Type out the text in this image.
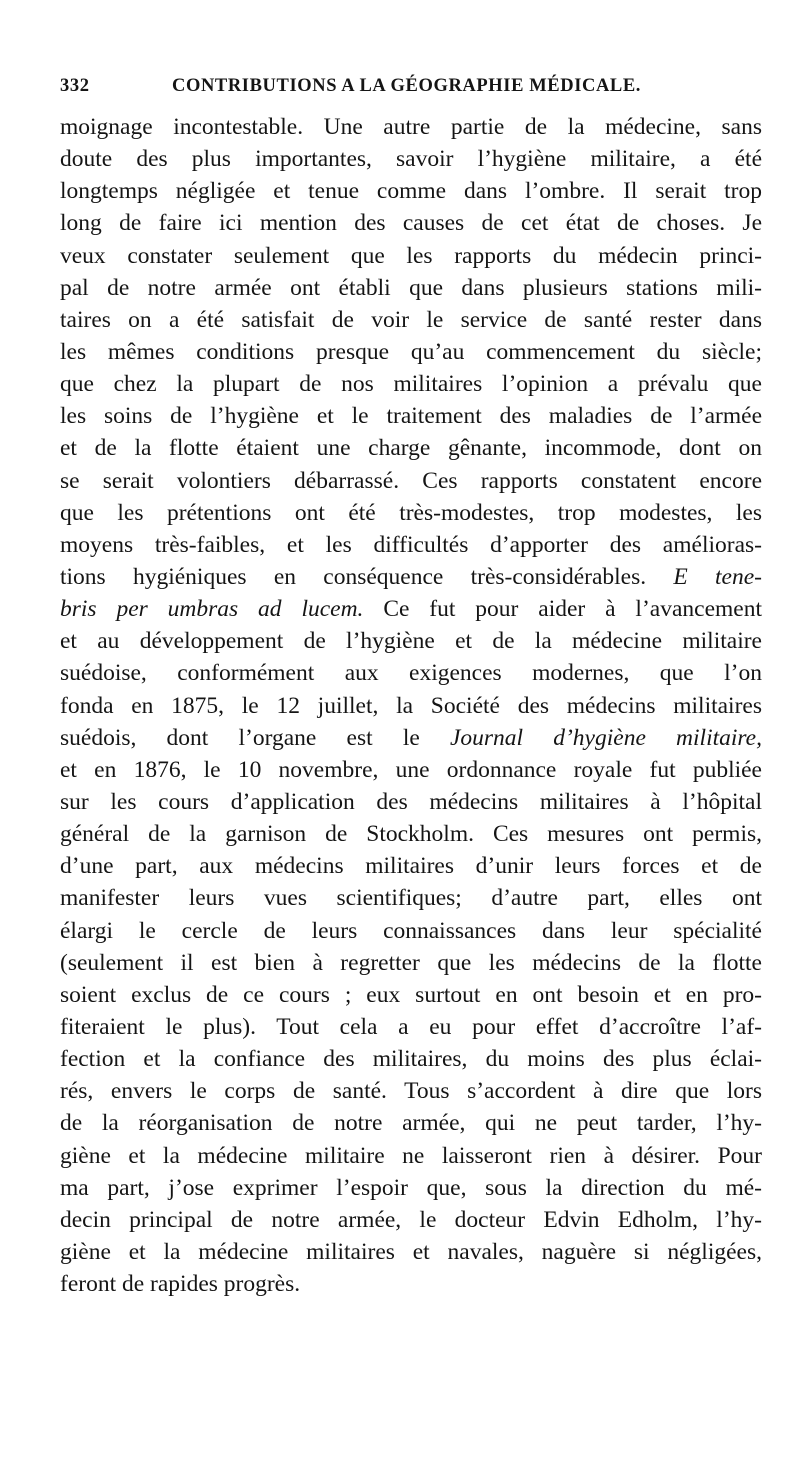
332	CONTRIBUTIONS A LA GÉOGRAPHIE MÉDICALE.
moignage incontestable. Une autre partie de la médecine, sans
doute des plus importantes, savoir l’hygiène militaire, a été
longtemps négligée et tenue comme dans l’ombre. Il serait trop
long de faire ici mention des causes de cet état de choses. Je
veux constater seulement que les rapports du médecin princi-
pal de notre armée ont établi que dans plusieurs stations mili-
taires on a été satisfait de voir le service de santé rester dans
les mêmes conditions presque qu’au commencement du siècle;
que chez la plupart de nos militaires l’opinion a prévalu que
les soins de l’hygiène et le traitement des maladies de l’armée
et de la flotte étaient une charge gênante, incommode, dont on
se serait volontiers débarrassé. Ces rapports constatent encore
que les prétentions ont été très-modestes, trop modestes, les
moyens très-faibles, et les difficultés d’apporter des amélioras-
tions hygiéniques en conséquence très-considérables. E tene-
bris per umbras ad lucem. Ce fut pour aider à l’avancement
et au développement de l’hygiène et de la médecine militaire
suédoise, conformément aux exigences modernes, que l’on
fonda en 1875, le 12 juillet, la Société des médecins militaires
suédois, dont l’organe est le Journal d’hygiène militaire,
et en 1876, le 10 novembre, une ordonnance royale fut publiée
sur les cours d’application des médecins militaires à l’hôpital
général de la garnison de Stockholm. Ces mesures ont permis,
d’une part, aux médecins militaires d’unir leurs forces et de
manifester leurs vues scientifiques; d’autre part, elles ont
élargi le cercle de leurs connaissances dans leur spécialité
(seulement il est bien à regretter que les médecins de la flotte
soient exclus de ce cours ; eux surtout en ont besoin et en pro-
fiteraient le plus). Tout cela a eu pour effet d’accroître l’af-
fection et la confiance des militaires, du moins des plus éclai-
rés, envers le corps de santé. Tous s’accordent à dire que lors
de la réorganisation de notre armée, qui ne peut tarder, l’hy-
giène et la médecine militaire ne laisseront rien à désirer. Pour
ma part, j’ose exprimer l’espoir que, sous la direction du mé-
decin principal de notre armée, le docteur Edvin Edholm, l’hy-
giène et la médecine militaires et navales, naguère si négligées,
feront de rapides progrès.
